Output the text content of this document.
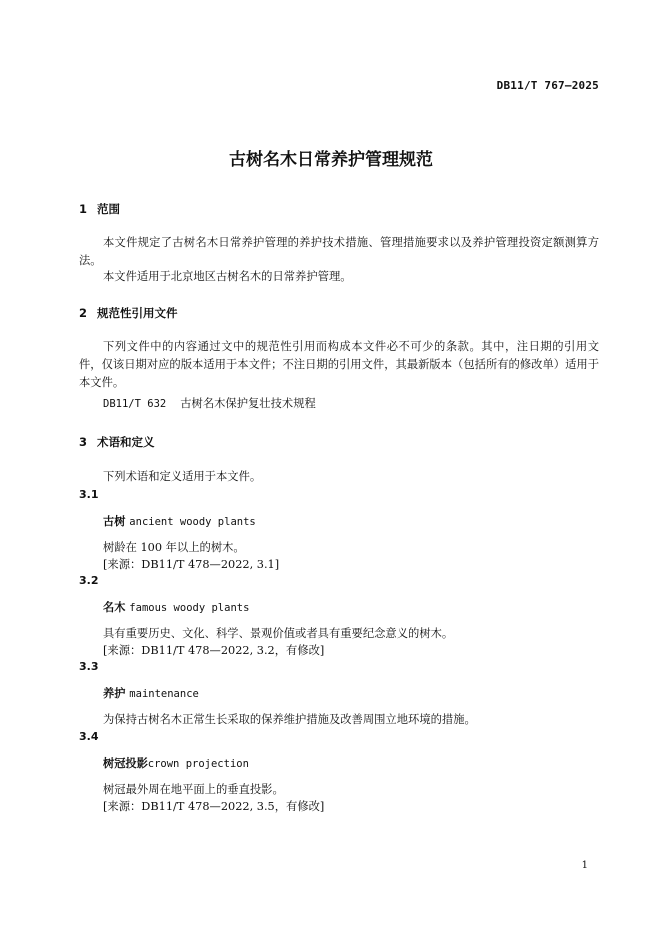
DB11/T 767—2025
古树名木日常养护管理规范
1 范围
本文件规定了古树名木日常养护管理的养护技术措施、管理措施要求以及养护管理投资定额测算方法。
本文件适用于北京地区古树名木的日常养护管理。
2 规范性引用文件
下列文件中的内容通过文中的规范性引用而构成本文件必不可少的条款。其中，注日期的引用文件，仅该日期对应的版本适用于本文件；不注日期的引用文件，其最新版本（包括所有的修改单）适用于本文件。
DB11/T 632 古树名木保护复壮技术规程
3 术语和定义
下列术语和定义适用于本文件。
3.1
古树 ancient woody plants
树龄在 100 年以上的树木。
[来源：DB11/T 478—2022, 3.1]
3.2
名木 famous woody plants
具有重要历史、文化、科学、景观价值或者具有重要纪念意义的树木。
[来源：DB11/T 478—2022, 3.2，有修改]
3.3
养护 maintenance
为保持古树名木正常生长采取的保养维护措施及改善周围立地环境的措施。
3.4
树冠投影crown projection
树冠最外周在地平面上的垂直投影。
[来源：DB11/T 478—2022, 3.5，有修改]
1
